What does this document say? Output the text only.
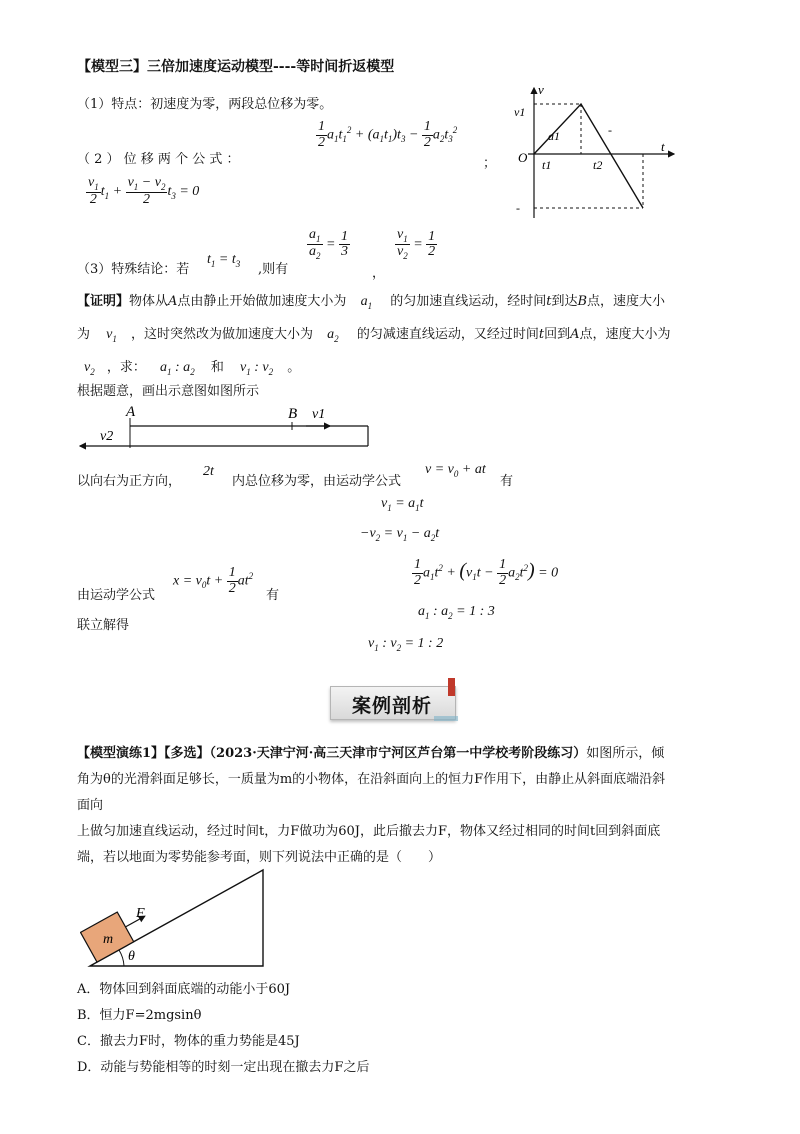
【模型三】三倍加速度运动模型----等时间折返模型
（1）特点：初速度为零，两段总位移为零。
（ 2 ） 位 移 两 个 公 式 ：
$\frac{1}{2} a_1t_1^2 + (a_1t_1)t_3 - \frac{1}{2} a_2t_3^2$
；
$\frac{v_1}{2} t_1 + \frac{v_1 - v_2}{2} t_3 = 0$
（3）特殊结论：若
$t_1 = t_3$ ,则有
$\frac{a_1}{a_2} = \frac{1}{3}$
，
$\frac{v_1}{v_2} = \frac{1}{2}$
v
t
O
v1
a1
t1	t2
-
-
【证明】物体从A点由静止开始做加速度大小为 $a_1$ 的匀加速直线运动，经时间t到达B点，速度大小
为 $v_1$ ，这时突然改为做加速度大小为 $a_2$ 的匀减速直线运动，又经过时间t回到A点，速度大小为
$v_2$ ，求： $a_1$ : $a_2$ 和 $v_1$ : $v_2$ 。
根据题意，画出示意图如图所示
A	B v1
v2
以向右为正方向，
2t
内总位移为零，由运动学公式
$v = v_0$ + at
有
$v_1 = a_1t$
$-v_2 = v_1 - a_2t$
$\frac{1}{2} a_1t^2 + (v_1t - \frac{1}{2} a_2t^2) = 0$
由运动学公式
$x = v_0t + \frac{1}{2} at^2$
有
$a_1$ : $a_2 = 1$ : 3
联立解得
$v_1$ : $v_2 = 1$ : 2
案例剖析
【模型演练1】【多选】（2023·天津宁河·高三天津市宁河区芦台第一中学校考阶段练习）如图所示，倾
角为θ的光滑斜面足够长，一质量为m的小物体，在沿斜面向上的恒力F作用下，由静止从斜面底端沿斜
面向
上做匀加速直线运动，经过时间t，力F做功为60J，此后撤去力F，物体又经过相同的时间t回到斜面底
端，若以地面为零势能参考面，则下列说法中正确的是（　　）
m
F
θ
A．物体回到斜面底端的动能小于60J
B．恒力F=2mgsinθ
C．撤去力F时，物体的重力势能是45J
D．动能与势能相等的时刻一定出现在撤去力F之后
